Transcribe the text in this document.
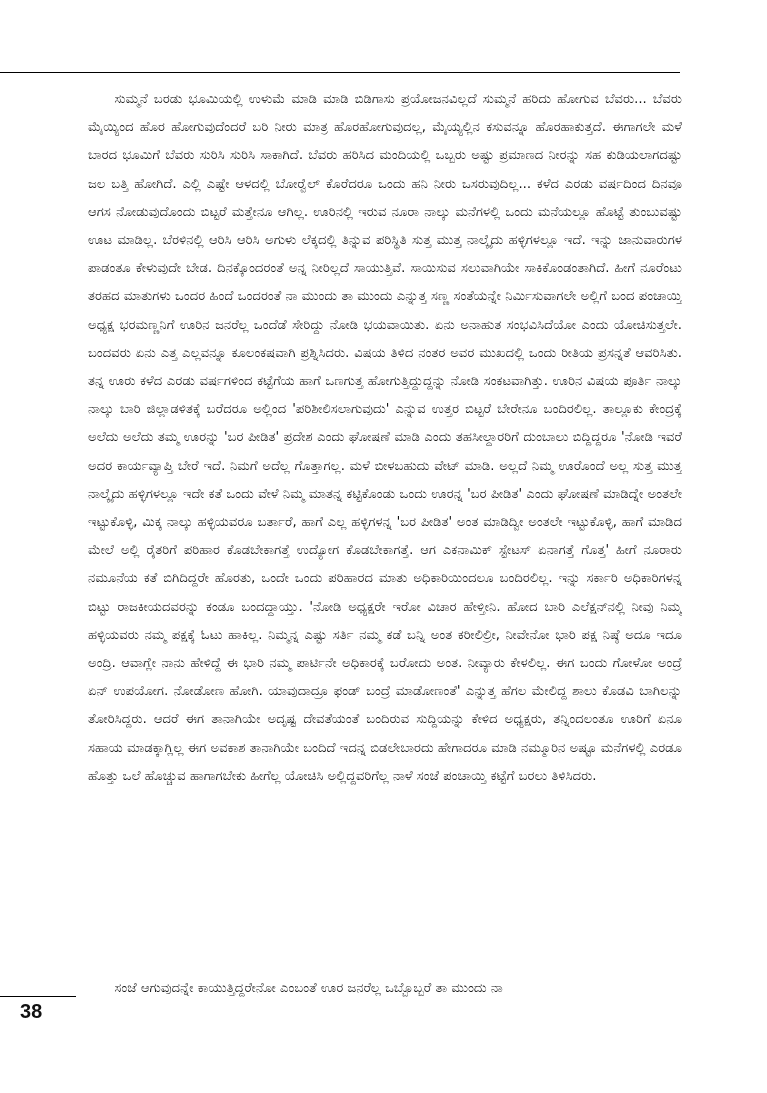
ಸುಮ್ಮನೆ ಬರಡು ಭೂಮಿಯಲ್ಲಿ ಉಳುಮೆ ಮಾಡಿ ಮಾಡಿ ಬಿಡಿಗಾಸು ಪ್ರಯೋಜನವಿಲ್ಲದೆ ಸುಮ್ಮನೆ ಹರಿದು ಹೋಗುವ ಬೆವರು... ಬೆವರು ಮೈಯ್ಯಿಂದ ಹೊರ ಹೋಗುವುದೆಂದರೆ ಬರಿ ನೀರು ಮಾತ್ರ ಹೊರಹೋಗುವುದಲ್ಲ, ಮೈಯ್ಯಲ್ಲಿನ ಕಸುವನ್ನೂ ಹೊರಹಾಕುತ್ತದೆ. ಈಗಾಗಲೇ ಮಳೆ ಬಾರದ ಭೂಮಿಗೆ ಬೆವರು ಸುರಿಸಿ ಸುರಿಸಿ ಸಾಕಾಗಿದೆ. ಬೆವರು ಹರಿಸಿದ ಮಂದಿಯಲ್ಲಿ ಒಬ್ಬರು ಅಷ್ಟು ಪ್ರಮಾಣದ ನೀರನ್ನು ಸಹ ಕುಡಿಯಲಾಗದಷ್ಟು ಜಲ ಬತ್ತಿ ಹೋಗಿದೆ. ಎಲ್ಲಿ ಎಷ್ಟೇ ಆಳದಲ್ಲಿ ಬೋರ್‍ವೆಲ್ ಕೊರೆದರೂ ಒಂದು ಹನಿ ನೀರು ಒಸರುವುದಿಲ್ಲ... ಕಳೆದ ಎರಡು ವರ್ಷದಿಂದ ದಿನವೂ ಆಗಸ ನೋಡುವುದೊಂದು ಬಿಟ್ಟರೆ ಮತ್ತೇನೂ ಆಗಿಲ್ಲ. ಊರಿನಲ್ಲಿ ಇರುವ ನೂರಾ ನಾಲ್ಕು ಮನೆಗಳಲ್ಲಿ ಒಂದು ಮನೆಯಲ್ಲೂ ಹೊಟ್ಟೆ ತುಂಬುವಷ್ಟು ಊಟ ಮಾಡಿಲ್ಲ. ಬೆರಳಿನಲ್ಲಿ ಆರಿಸಿ ಆರಿಸಿ ಅಗುಳು ಲೆಕ್ಕದಲ್ಲಿ ತಿನ್ನುವ ಪರಿಸ್ಥಿತಿ ಸುತ್ತ ಮುತ್ತ ನಾಲ್ಕೈದು ಹಳ್ಳಿಗಳಲ್ಲೂ ಇದೆ. ಇನ್ನು ಜಾನುವಾರುಗಳ ಪಾಡಂತೂ ಕೇಳುವುದೇ ಬೇಡ. ದಿನಕ್ಕೊಂದರಂತೆ ಅನ್ನ ನೀರಿಲ್ಲದೆ ಸಾಯುತ್ತಿವೆ. ಸಾಯಿಸುವ ಸಲುವಾಗಿಯೇ ಸಾಕಿಕೊಂಡಂತಾಗಿದೆ. ಹೀಗೆ ನೂರೆಂಟು ತರಹದ ಮಾತುಗಳು ಒಂದರ ಹಿಂದೆ ಒಂದರಂತೆ ನಾ ಮುಂದು ತಾ ಮುಂದು ಎನ್ನುತ್ತ ಸಣ್ಣ ಸಂತೆಯನ್ನೇ ನಿರ್ಮಿಸುವಾಗಲೇ ಅಲ್ಲಿಗೆ ಬಂದ ಪಂಚಾಯ್ತಿ ಅಧ್ಯಕ್ಷ ಭರಮಣ್ಣನಿಗೆ ಊರಿನ ಜನರೆಲ್ಲ ಒಂದೆಡೆ ಸೇರಿದ್ದು ನೋಡಿ ಭಯವಾಯಿತು. ಏನು ಅನಾಹುತ ಸಂಭವಿಸಿದೆಯೋ ಎಂದು ಯೋಚಿಸುತ್ತಲೇ. ಬಂದವರು ಏನು ಎತ್ತ ಎಲ್ಲವನ್ನೂ ಕೂಲಂಕಷವಾಗಿ ಪ್ರಶ್ನಿಸಿದರು. ವಿಷಯ ತಿಳಿದ ನಂತರ ಅವರ ಮುಖದಲ್ಲಿ ಒಂದು ರೀತಿಯ ಪ್ರಸನ್ನತೆ ಆವರಿಸಿತು. ತನ್ನ ಊರು ಕಳೆದ ಎರಡು ವರ್ಷಗಳಿಂದ ಕಟ್ಟೆಗೆಯ ಹಾಗೆ ಒಣಗುತ್ತ ಹೋಗುತ್ತಿದ್ದುದ್ದನ್ನು ನೋಡಿ ಸಂಕಟವಾಗಿತ್ತು. ಊರಿನ ವಿಷಯ ಪೂರ್ತಿ ನಾಲ್ಕು ನಾಲ್ಕು ಬಾರಿ ಜಿಲ್ಲಾಡಳಿತಕ್ಕೆ ಬರೆದರೂ ಅಲ್ಲಿಂದ 'ಪರಿಶೀಲಿಸಲಾಗುವುದು' ಎನ್ನುವ ಉತ್ತರ ಬಿಟ್ಟರೆ ಬೇರೇನೂ ಬಂದಿರಲಿಲ್ಲ. ತಾಲ್ಲೂಕು ಕೇಂದ್ರಕ್ಕೆ ಅಲೆದು ಅಲೆದು ತಮ್ಮ ಊರನ್ನು 'ಬರ ಪೀಡಿತ' ಪ್ರದೇಶ ಎಂದು ಘೋಷಣೆ ಮಾಡಿ ಎಂದು ತಹಸೀಲ್ದಾರರಿಗೆ ದುಂಬಾಲು ಬಿದ್ದಿದ್ದರೂ 'ನೋಡಿ ಇವರೆ ಅದರ ಕಾರ್ಯವ್ಯಾಪ್ತಿ ಬೇರೆ ಇದೆ. ನಿಮಗೆ ಅದೆಲ್ಲ ಗೊತ್ತಾಗಲ್ಲ. ಮಳೆ ಬೀಳಬಹುದು ವೇಟ್ ಮಾಡಿ. ಅಲ್ಲದೆ ನಿಮ್ಮ ಊರೊಂದೆ ಅಲ್ಲ ಸುತ್ತ ಮುತ್ತ ನಾಲ್ಕೈದು ಹಳ್ಳಿಗಳಲ್ಲೂ ಇದೇ ಕತೆ ಒಂದು ವೇಳೆ ನಿಮ್ಮ ಮಾತನ್ನ ಕಟ್ಟಿಕೊಂಡು ಒಂದು ಊರನ್ನ 'ಬರ ಪೀಡಿತ' ಎಂದು ಘೋಷಣೆ ಮಾಡಿದ್ನೇ ಅಂತಲೇ ಇಟ್ಟುಕೊಳ್ಳಿ, ಮಿಕ್ಕ ನಾಲ್ಕು ಹಳ್ಳಿಯವರೂ ಬರ್ತಾರೆ, ಹಾಗೆ ಎಲ್ಲ ಹಳ್ಳಿಗಳನ್ನ 'ಬರ ಪೀಡಿತ' ಅಂತ ಮಾಡಿದ್ವೀ ಅಂತಲೇ ಇಟ್ಟುಕೊಳ್ಳಿ, ಹಾಗೆ ಮಾಡಿದ ಮೇಲೆ ಅಲ್ಲಿ ರೈತರಿಗೆ ಪರಿಹಾರ ಕೊಡಬೇಕಾಗತ್ತೆ ಉದ್ಯೋಗ ಕೊಡಬೇಕಾಗತ್ತೆ. ಆಗ ಎಕನಾಮಿಕ್ ಸ್ಟೇಟಸ್ ಏನಾಗತ್ತೆ ಗೊತ್ತ' ಹೀಗೆ ನೂರಾರು ನಮೂನೆಯ ಕತೆ ಬಿಗಿದಿದ್ದರೇ ಹೊರತು, ಒಂದೇ ಒಂದು ಪರಿಹಾರದ ಮಾತು ಅಧಿಕಾರಿಯಿಂದಲೂ ಬಂದಿರಲಿಲ್ಲ. ಇನ್ನು ಸರ್ಕಾರಿ ಅಧಿಕಾರಿಗಳನ್ನ ಬಿಟ್ಟು ರಾಜಕೀಯದವರನ್ನು ಕಂಡೂ ಬಂದದ್ದಾಯ್ತು. 'ನೋಡಿ ಅಧ್ಯಕ್ಷರೇ ಇರೋ ವಿಚಾರ ಹೇಳ್ತೀನಿ. ಹೋದ ಬಾರಿ ಎಲೆಕ್ಷನ್‍ನಲ್ಲಿ ನೀವು ನಿಮ್ಮ ಹಳ್ಳಿಯವರು ನಮ್ಮ ಪಕ್ಷಕ್ಕೆ ಓಟು ಹಾಕಿಲ್ಲ. ನಿಮ್ಮನ್ನ ಎಷ್ಟು ಸರ್ತಿ ನಮ್ಮ ಕಡೆ ಬನ್ನಿ ಅಂತ ಕರೀಲಿಲ್ರೀ, ನೀವೇನೋ ಭಾರಿ ಪಕ್ಷ ನಿಷ್ಠೆ ಅದೂ ಇದೂ ಅಂದ್ರಿ. ಆವಾಗ್ಲೇ ನಾನು ಹೇಳಿದ್ದೆ ಈ ಭಾರಿ ನಮ್ಮ ಪಾರ್ಟಿನೇ ಅಧಿಕಾರಕ್ಕೆ ಬರೋದು ಅಂತ. ನೀವ್ಯಾರು ಕೇಳಲಿಲ್ಲ. ಈಗ ಬಂದು ಗೋಳೋ ಅಂದ್ರೆ ಏನ್ ಉಪಯೋಗ. ನೋಡೋಣ ಹೋಗಿ. ಯಾವುದಾದ್ರೂ ಫಂಡ್ ಬಂದ್ರೆ ಮಾಡೋಣಂತೆ' ಎನ್ನುತ್ತ ಹೆಗಲ ಮೇಲಿದ್ದ ಶಾಲು ಕೊಡವಿ ಬಾಗಿಲನ್ನು ತೋರಿಸಿದ್ದರು. ಆದರೆ ಈಗ ತಾನಾಗಿಯೇ ಅದೃಷ್ಟ ದೇವತೆಯಂತೆ ಬಂದಿರುವ ಸುದ್ದಿಯನ್ನು ಕೇಳಿದ ಅಧ್ಯಕ್ಷರು, ತನ್ನಿಂದಲಂತೂ ಊರಿಗೆ ಏನೂ ಸಹಾಯ ಮಾಡಕ್ಕಾಗ್ಲಿಲ್ಲ ಈಗ ಅವಕಾಶ ತಾನಾಗಿಯೇ ಬಂದಿದೆ ಇದನ್ನ ಬಿಡಲೇಬಾರದು ಹೇಗಾದರೂ ಮಾಡಿ ನಮ್ಮೂರಿನ ಅಷ್ಟೂ ಮನೆಗಳಲ್ಲಿ ಎರಡೂ ಹೊತ್ತು ಒಲೆ ಹೊಚ್ಚುವ ಹಾಗಾಗಬೇಕು ಹೀಗೆಲ್ಲ ಯೋಚಿಸಿ ಅಲ್ಲಿದ್ದವರಿಗೆಲ್ಲ ನಾಳೆ ಸಂಜೆ ಪಂಚಾಯ್ತಿ ಕಟ್ಟೆಗೆ ಬರಲು ತಿಳಿಸಿದರು.

ಸಂಜೆ ಆಗುವುದನ್ನೇ ಕಾಯುತ್ತಿದ್ದರೇನೋ ಎಂಬಂತೆ ಊರ ಜನರೆಲ್ಲ ಒಬ್ಬೊಬ್ಬರೆ ತಾ ಮುಂದು ನಾ

38
